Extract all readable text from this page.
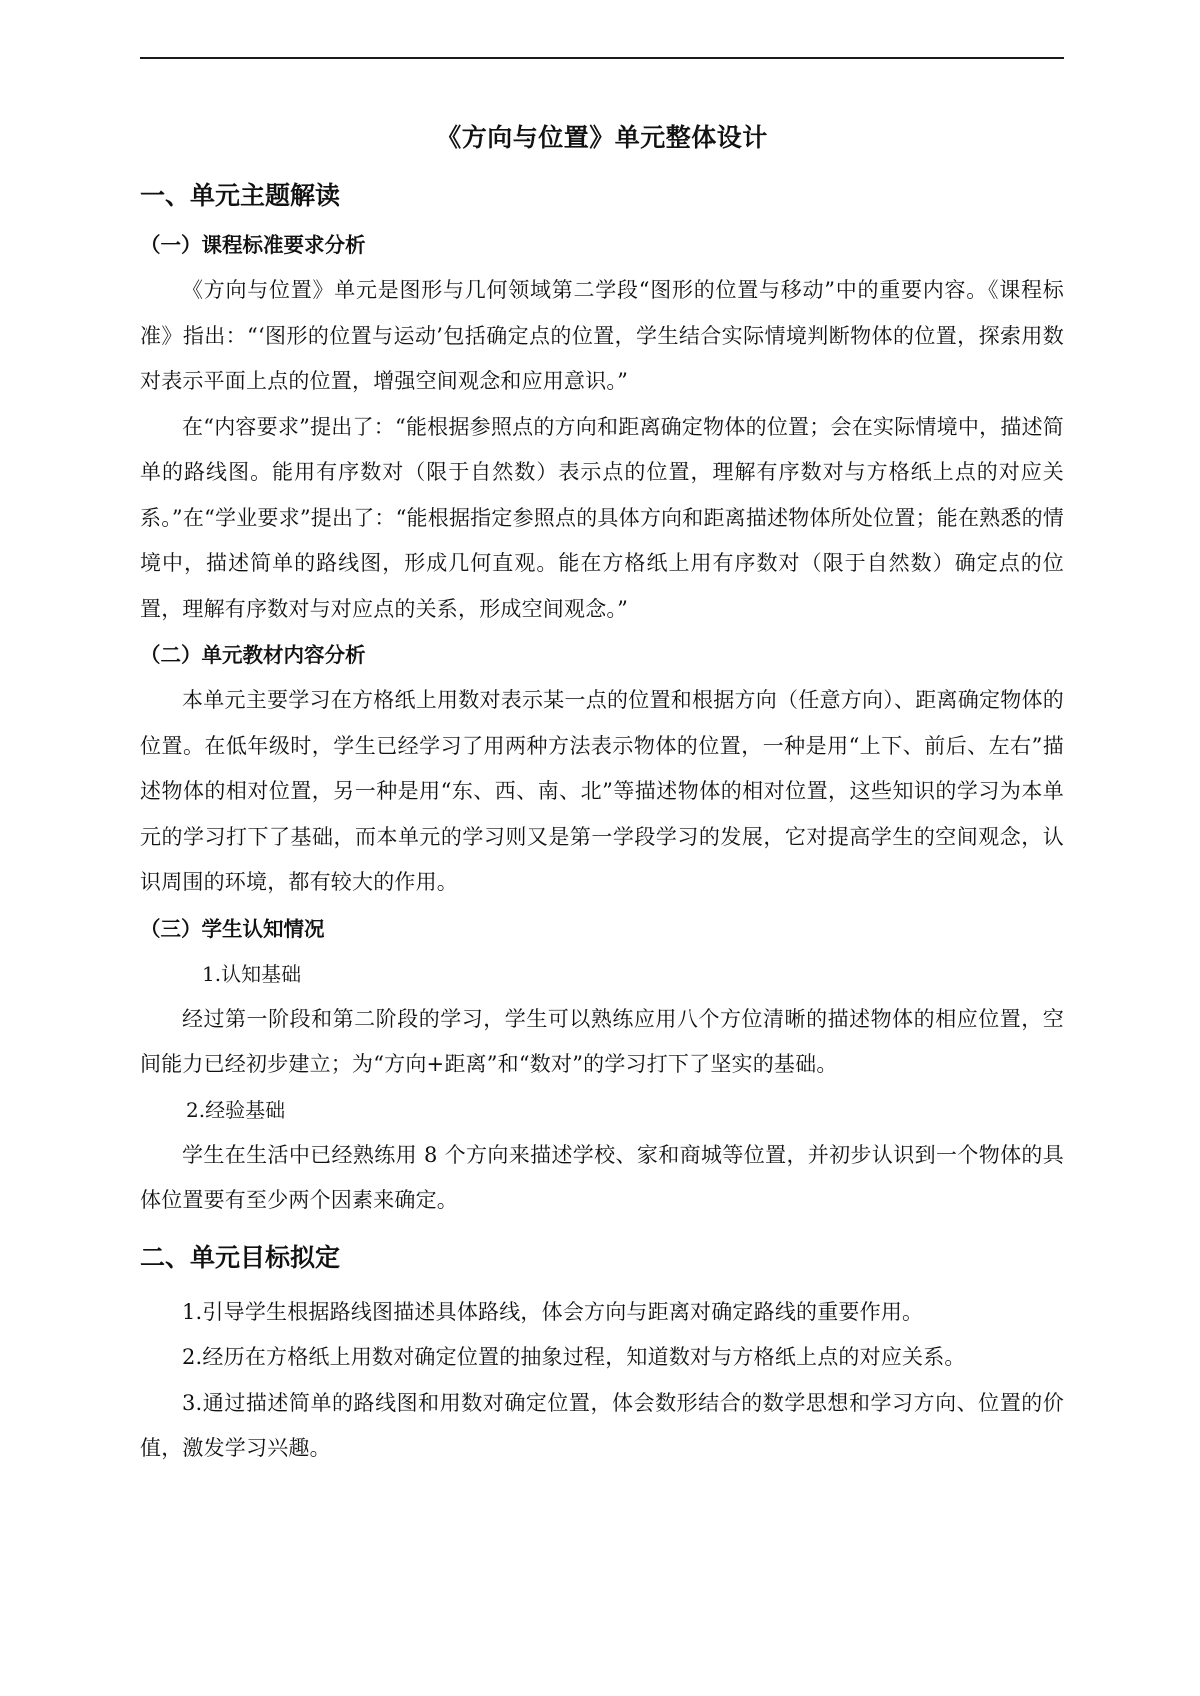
《方向与位置》单元整体设计
一、单元主题解读
（一）课程标准要求分析

《方向与位置》单元是图形与几何领域第二学段“图形的位置与移动”中的重要内容。《课程标准》指出：“‘图形的位置与运动’包括确定点的位置，学生结合实际情境判断物体的位置，探索用数对表示平面上点的位置，增强空间观念和应用意识。”

在“内容要求”提出了：“能根据参照点的方向和距离确定物体的位置；会在实际情境中，描述简单的路线图。能用有序数对（限于自然数）表示点的位置，理解有序数对与方格纸上点的对应关系。”在“学业要求”提出了：“能根据指定参照点的具体方向和距离描述物体所处位置；能在熟悉的情境中，描述简单的路线图，形成几何直观。能在方格纸上用有序数对（限于自然数）确定点的位置，理解有序数对与对应点的关系，形成空间观念。”

（二）单元教材内容分析

本单元主要学习在方格纸上用数对表示某一点的位置和根据方向（任意方向）、距离确定物体的位置。在低年级时，学生已经学习了用两种方法表示物体的位置，一种是用“上下、前后、左右”描述物体的相对位置，另一种是用“东、西、南、北”等描述物体的相对位置，这些知识的学习为本单元的学习打下了基础，而本单元的学习则又是第一学段学习的发展，它对提高学生的空间观念，认识周围的环境，都有较大的作用。

（三）学生认知情况
1.认知基础

经过第一阶段和第二阶段的学习，学生可以熟练应用八个方位清晰的描述物体的相应位置，空间能力已经初步建立；为“方向+距离”和“数对”的学习打下了坚实的基础。

2.经验基础

学生在生活中已经熟练用 8 个方向来描述学校、家和商城等位置，并初步认识到一个物体的具体位置要有至少两个因素来确定。

二、单元目标拟定

1.引导学生根据路线图描述具体路线，体会方向与距离对确定路线的重要作用。

2.经历在方格纸上用数对确定位置的抽象过程，知道数对与方格纸上点的对应关系。

3.通过描述简单的路线图和用数对确定位置，体会数形结合的数学思想和学习方向、位置的价值，激发学习兴趣。
